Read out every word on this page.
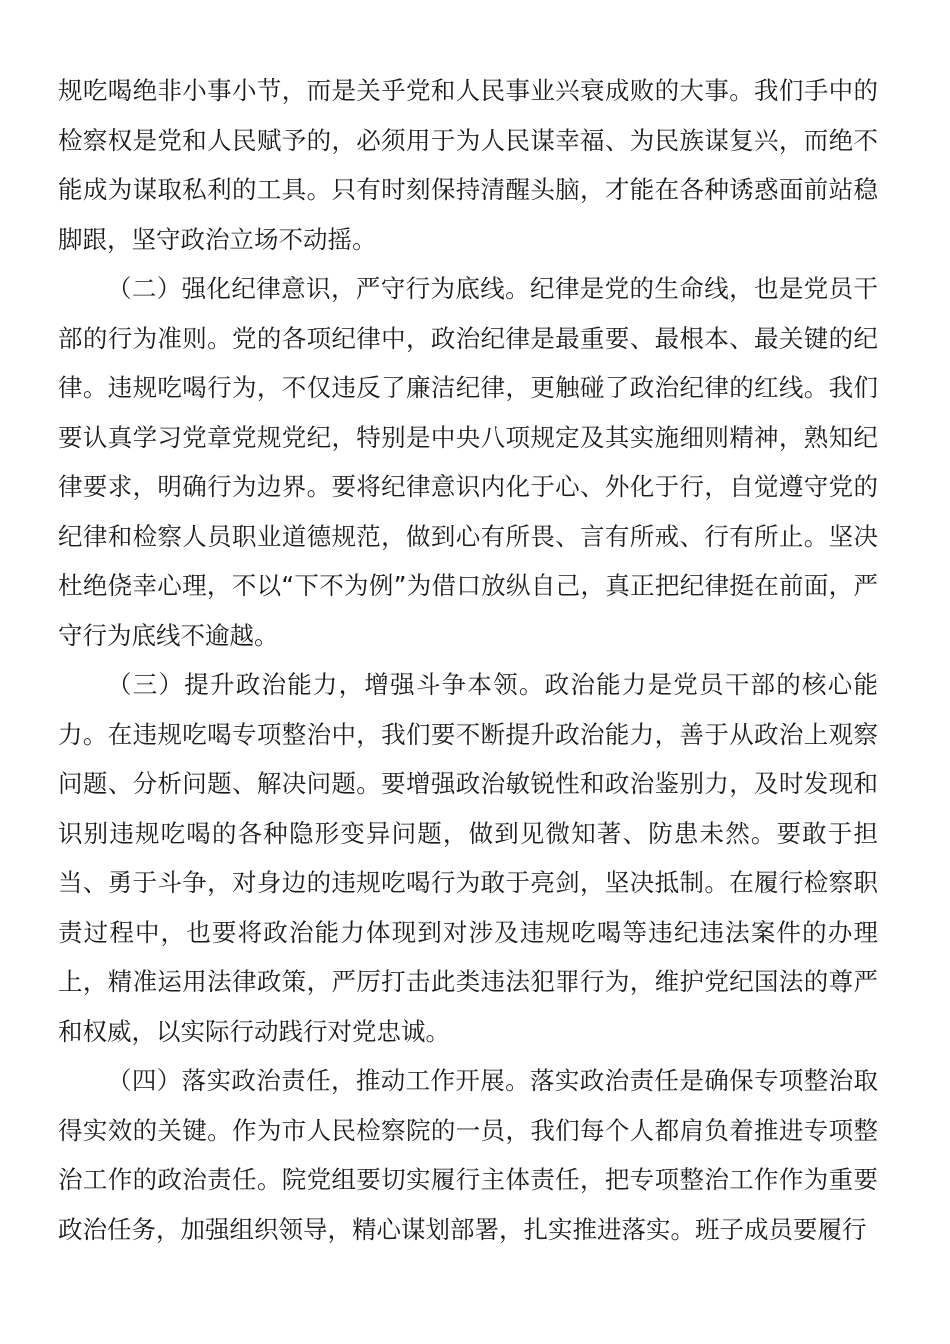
规吃喝绝非小事小节，而是关乎党和人民事业兴衰成败的大事。我们手中的检察权是党和人民赋予的，必须用于为人民谋幸福、为民族谋复兴，而绝不能成为谋取私利的工具。只有时刻保持清醒头脑，才能在各种诱惑面前站稳脚跟，坚守政治立场不动摇。

（二）强化纪律意识，严守行为底线。纪律是党的生命线，也是党员干部的行为准则。党的各项纪律中，政治纪律是最重要、最根本、最关键的纪律。违规吃喝行为，不仅违反了廉洁纪律，更触碰了政治纪律的红线。我们要认真学习党章党规党纪，特别是中央八项规定及其实施细则精神，熟知纪律要求，明确行为边界。要将纪律意识内化于心、外化于行，自觉遵守党的纪律和检察人员职业道德规范，做到心有所畏、言有所戒、行有所止。坚决杜绝侥幸心理，不以“下不为例”为借口放纵自己，真正把纪律挺在前面，严守行为底线不逾越。

（三）提升政治能力，增强斗争本领。政治能力是党员干部的核心能力。在违规吃喝专项整治中，我们要不断提升政治能力，善于从政治上观察问题、分析问题、解决问题。要增强政治敏锐性和政治鉴别力，及时发现和识别违规吃喝的各种隐形变异问题，做到见微知著、防患未然。要敢于担当、勇于斗争，对身边的违规吃喝行为敢于亮剑，坚决抵制。在履行检察职责过程中，也要将政治能力体现到对涉及违规吃喝等违纪违法案件的办理上，精准运用法律政策，严厉打击此类违法犯罪行为，维护党纪国法的尊严和权威，以实际行动践行对党忠诚。

（四）落实政治责任，推动工作开展。落实政治责任是确保专项整治取得实效的关键。作为市人民检察院的一员，我们每个人都肩负着推进专项整治工作的政治责任。院党组要切实履行主体责任，把专项整治工作作为重要政治任务，加强组织领导，精心谋划部署，扎实推进落实。班子成员要履行
